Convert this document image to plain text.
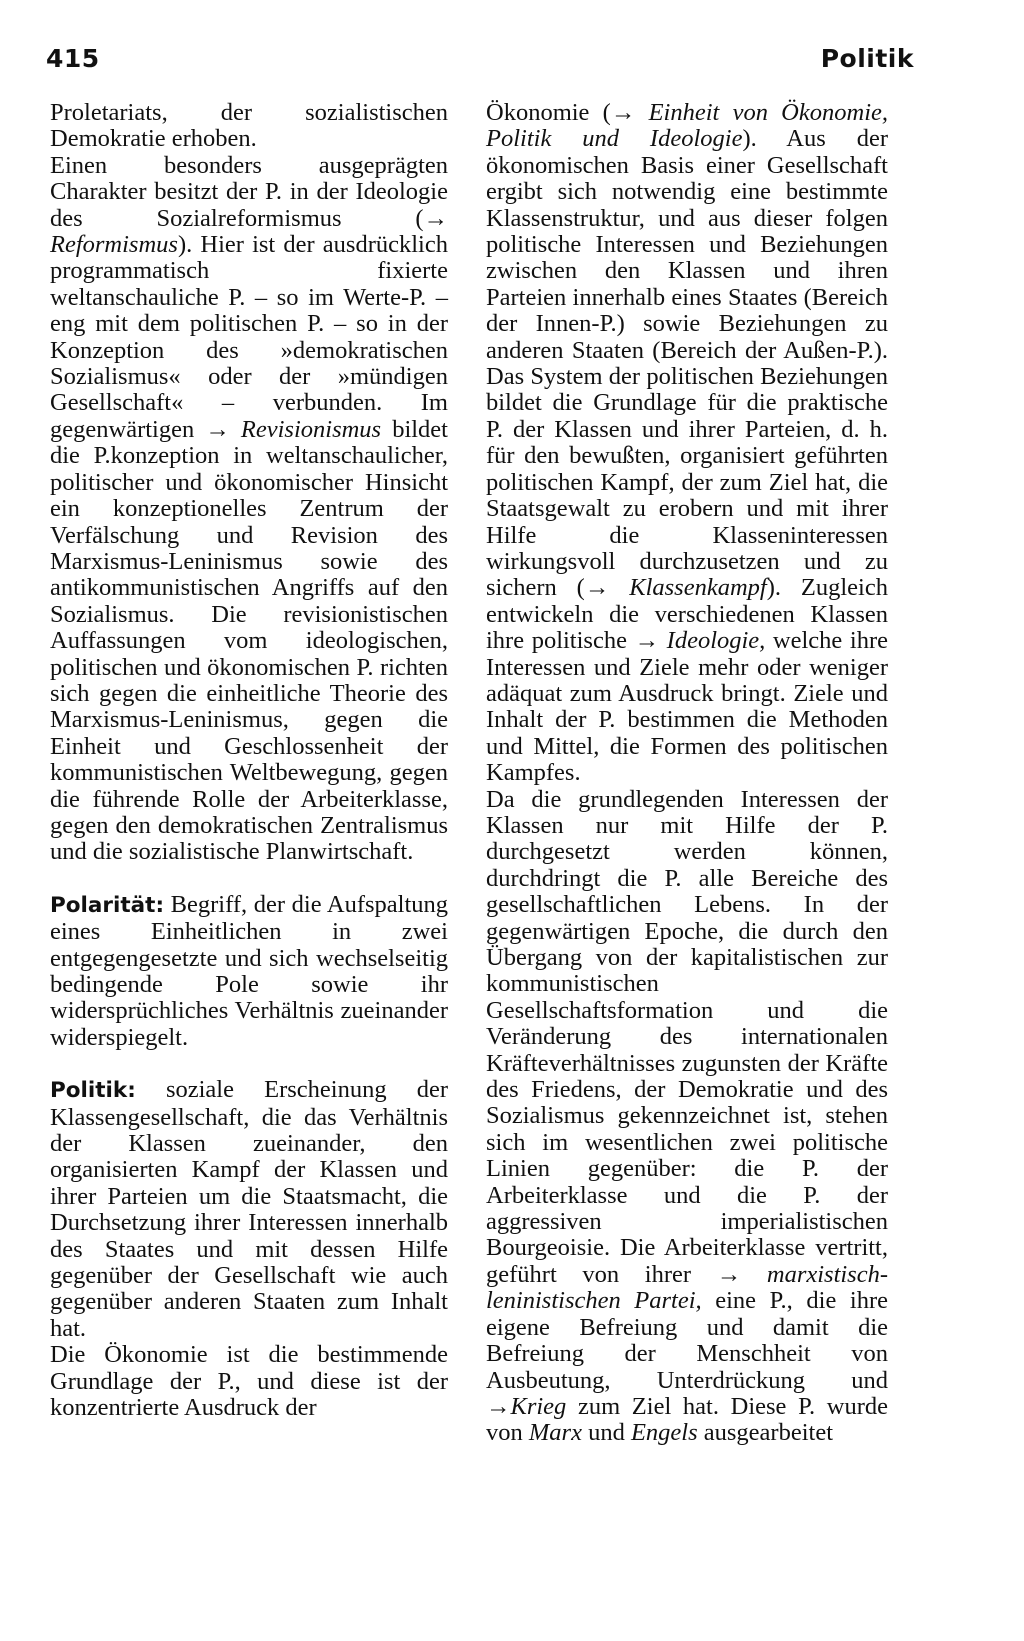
415	Politik

Proletariats, der sozialistischen Demokratie erhoben.

Einen besonders ausgeprägten Charakter besitzt der P. in der Ideologie des Sozialreformismus (→ Reformismus). Hier ist der ausdrücklich programmatisch fixierte weltanschauliche P. – so im Werte-P. – eng mit dem politischen P. – so in der Konzeption des »demokratischen Sozialismus« oder der »mündigen Gesellschaft« – verbunden. Im gegenwärtigen → Revisionismus bildet die P.konzeption in weltanschaulicher, politischer und ökonomischer Hinsicht ein konzeptionelles Zentrum der Verfälschung und Revision des Marxismus-Leninismus sowie des antikommunistischen Angriffs auf den Sozialismus. Die revisionistischen Auffassungen vom ideologischen, politischen und ökonomischen P. richten sich gegen die einheitliche Theorie des Marxismus-Leninismus, gegen die Einheit und Geschlossenheit der kommunistischen Weltbewegung, gegen die führende Rolle der Arbeiterklasse, gegen den demokratischen Zentralismus und die sozialistische Planwirtschaft.

Polarität: Begriff, der die Aufspaltung eines Einheitlichen in zwei entgegengesetzte und sich wechselseitig bedingende Pole sowie ihr widersprüchliches Verhältnis zueinander widerspiegelt.

Politik: soziale Erscheinung der Klassengesellschaft, die das Verhältnis der Klassen zueinander, den organisierten Kampf der Klassen und ihrer Parteien um die Staatsmacht, die Durchsetzung ihrer Interessen innerhalb des Staates und mit dessen Hilfe gegenüber der Gesellschaft wie auch gegenüber anderen Staaten zum Inhalt hat.

Die Ökonomie ist die bestimmende Grundlage der P., und diese ist der konzentrierte Ausdruck der

Ökonomie (→ Einheit von Ökonomie, Politik und Ideologie). Aus der ökonomischen Basis einer Gesellschaft ergibt sich notwendig eine bestimmte Klassenstruktur, und aus dieser folgen politische Interessen und Beziehungen zwischen den Klassen und ihren Parteien innerhalb eines Staates (Bereich der Innen-P.) sowie Beziehungen zu anderen Staaten (Bereich der Außen-P.). Das System der politischen Beziehungen bildet die Grundlage für die praktische P. der Klassen und ihrer Parteien, d. h. für den bewußten, organisiert geführten politischen Kampf, der zum Ziel hat, die Staatsgewalt zu erobern und mit ihrer Hilfe die Klasseninteressen wirkungsvoll durchzusetzen und zu sichern (→ Klassenkampf). Zugleich entwickeln die verschiedenen Klassen ihre politische → Ideologie, welche ihre Interessen und Ziele mehr oder weniger adäquat zum Ausdruck bringt. Ziele und Inhalt der P. bestimmen die Methoden und Mittel, die Formen des politischen Kampfes.

Da die grundlegenden Interessen der Klassen nur mit Hilfe der P. durchgesetzt werden können, durchdringt die P. alle Bereiche des gesellschaftlichen Lebens. In der gegenwärtigen Epoche, die durch den Übergang von der kapitalistischen zur kommunistischen Gesellschaftsformation und die Veränderung des internationalen Kräfteverhältnisses zugunsten der Kräfte des Friedens, der Demokratie und des Sozialismus gekennzeichnet ist, stehen sich im wesentlichen zwei politische Linien gegenüber: die P. der Arbeiterklasse und die P. der aggressiven imperialistischen Bourgeoisie. Die Arbeiterklasse vertritt, geführt von ihrer → marxistisch-leninistischen Partei, eine P., die ihre eigene Befreiung und damit die Befreiung der Menschheit von Ausbeutung, Unterdrückung und →Krieg zum Ziel hat. Diese P. wurde von Marx und Engels ausgearbeitet
